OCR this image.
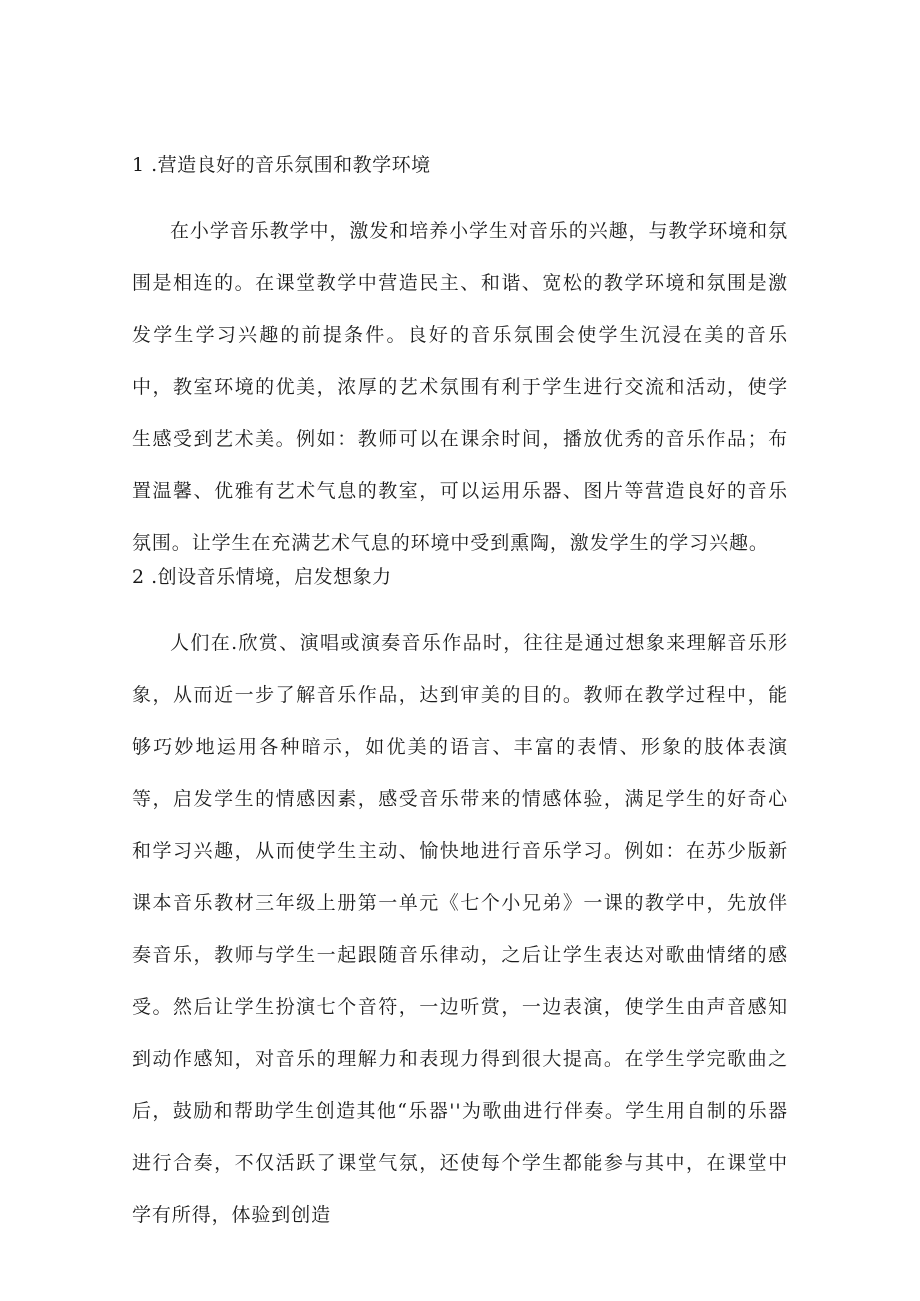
1 .营造良好的音乐氛围和教学环境

在小学音乐教学中，激发和培养小学生对音乐的兴趣，与教学环境和氛围是相连的。在课堂教学中营造民主、和谐、宽松的教学环境和氛围是激发学生学习兴趣的前提条件。良好的音乐氛围会使学生沉浸在美的音乐中，教室环境的优美，浓厚的艺术氛围有利于学生进行交流和活动，使学生感受到艺术美。例如：教师可以在课余时间，播放优秀的音乐作品；布置温馨、优雅有艺术气息的教室，可以运用乐器、图片等营造良好的音乐氛围。让学生在充满艺术气息的环境中受到熏陶，激发学生的学习兴趣。

2 .创设音乐情境，启发想象力

人们在.欣赏、演唱或演奏音乐作品时，往往是通过想象来理解音乐形象，从而近一步了解音乐作品，达到审美的目的。教师在教学过程中，能够巧妙地运用各种暗示，如优美的语言、丰富的表情、形象的肢体表演等，启发学生的情感因素，感受音乐带来的情感体验，满足学生的好奇心和学习兴趣，从而使学生主动、愉快地进行音乐学习。例如：在苏少版新课本音乐教材三年级上册第一单元《七个小兄弟》一课的教学中，先放伴奏音乐，教师与学生一起跟随音乐律动，之后让学生表达对歌曲情绪的感受。然后让学生扮演七个音符，一边听赏，一边表演，使学生由声音感知到动作感知，对音乐的理解力和表现力得到很大提高。在学生学完歌曲之后，鼓励和帮助学生创造其他“乐器''为歌曲进行伴奏。学生用自制的乐器进行合奏，不仅活跃了课堂气氛，还使每个学生都能参与其中，在课堂中学有所得，体验到创造
